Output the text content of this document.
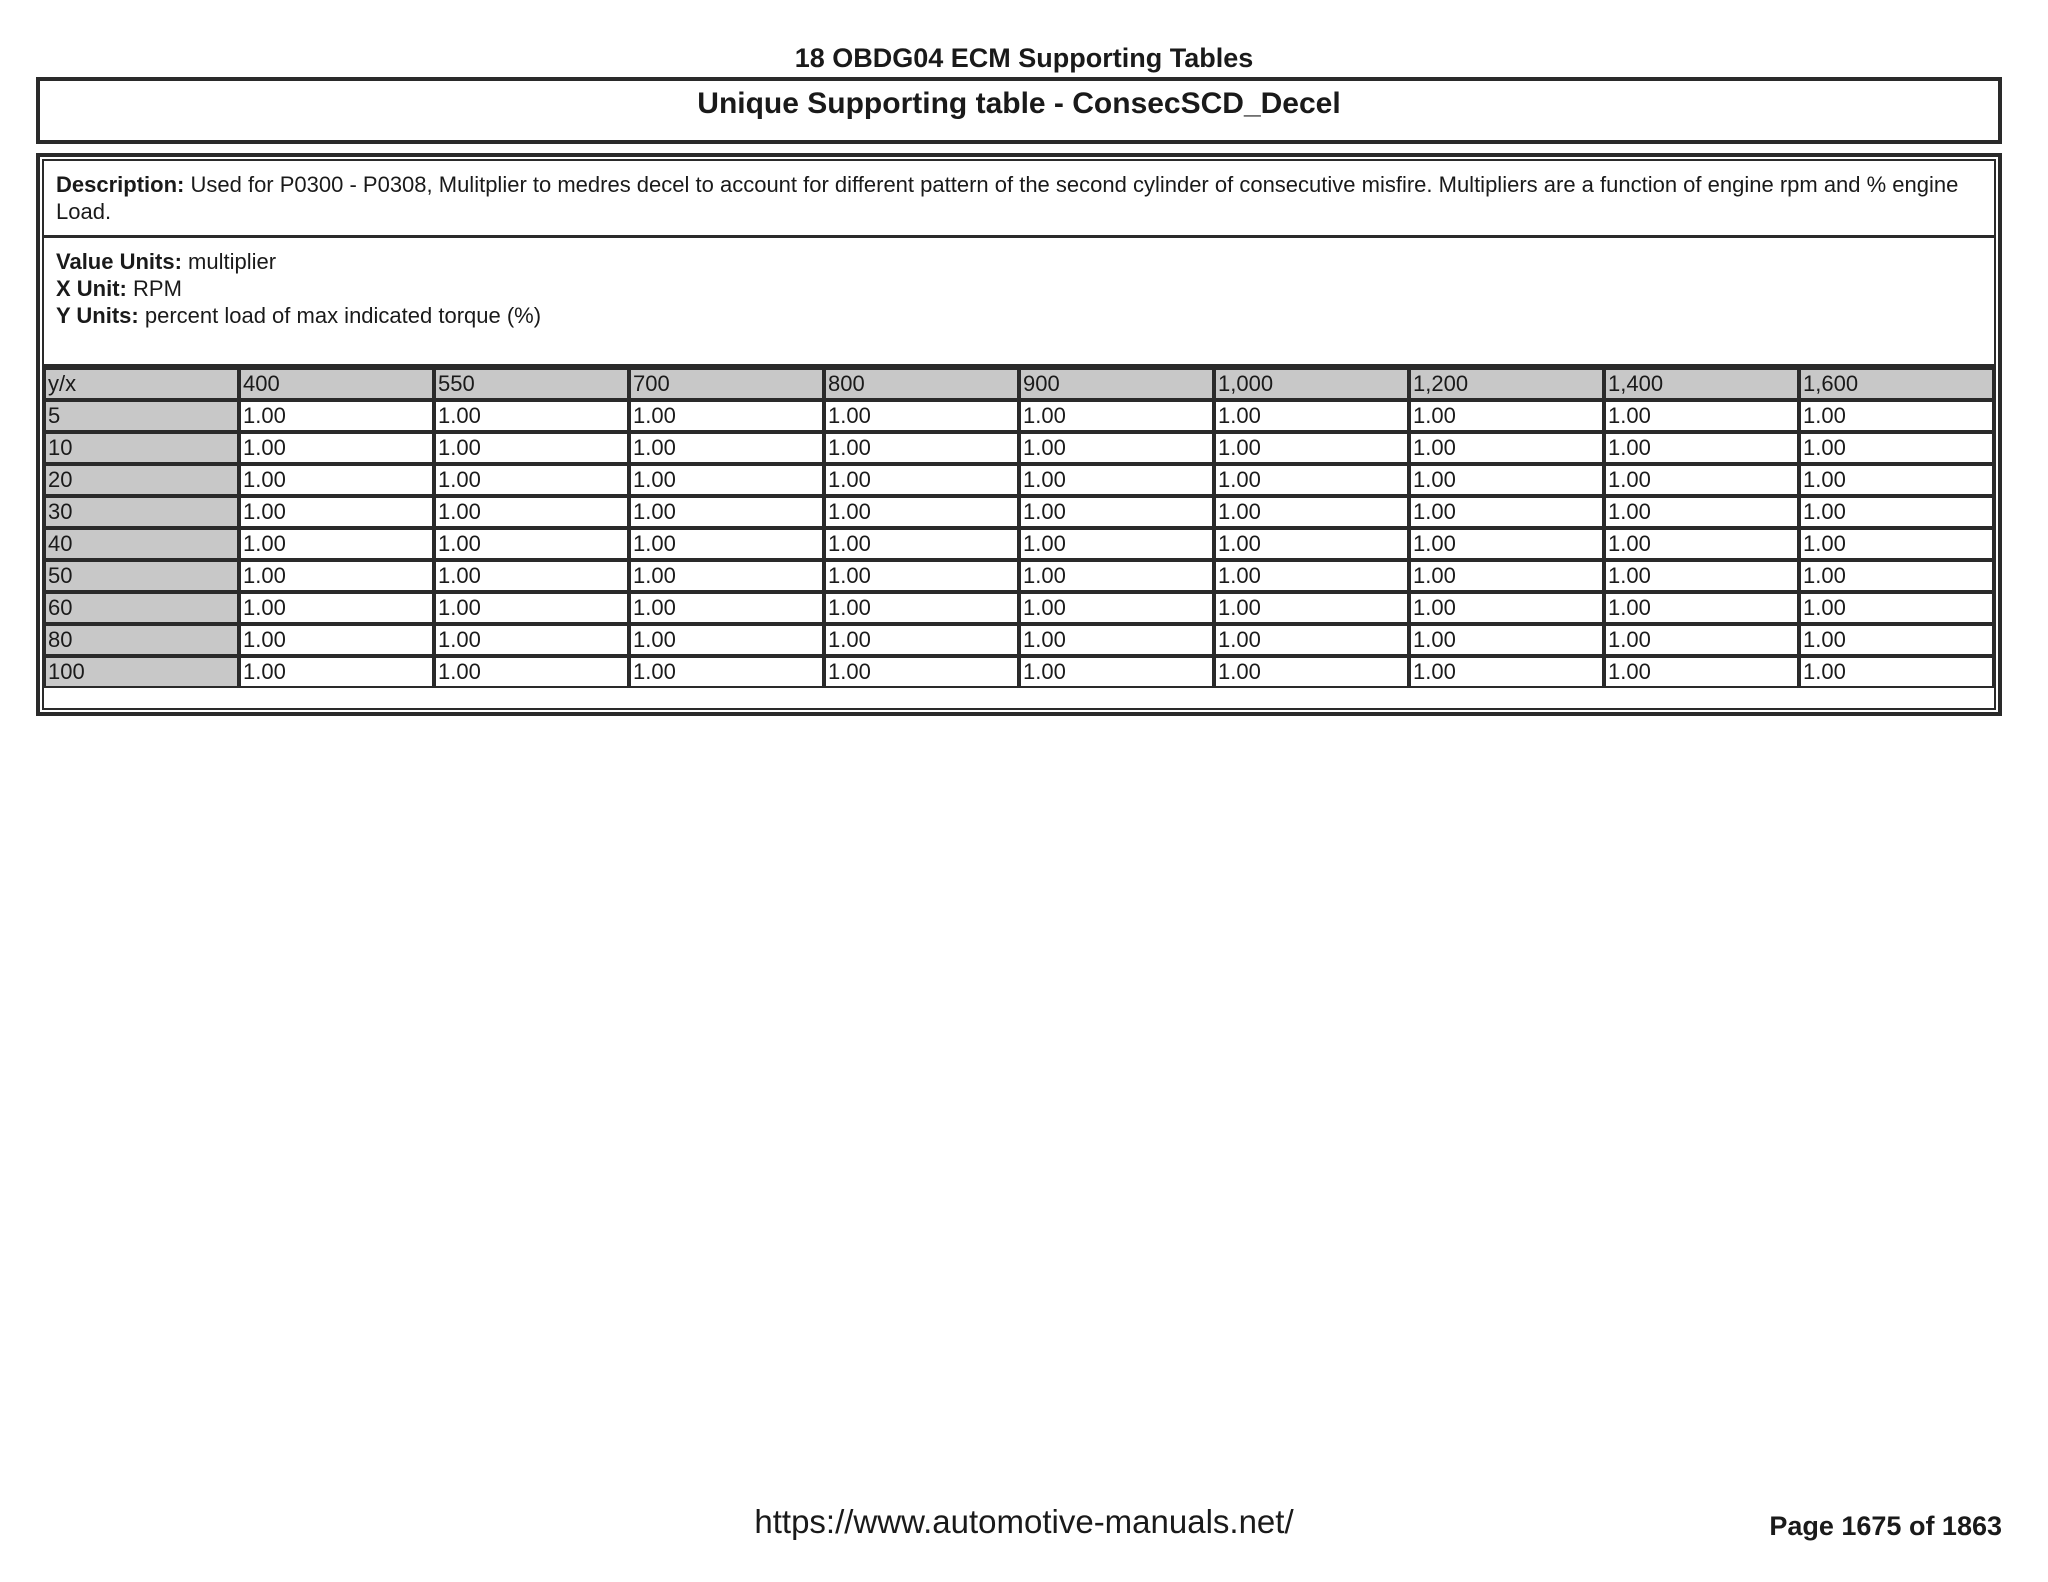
18 OBDG04 ECM Supporting Tables
Unique Supporting table - ConsecSCD_Decel
Description: Used for P0300 - P0308, Mulitplier to medres decel to account for different pattern of the second cylinder of consecutive misfire. Multipliers are a function of engine rpm and % engine Load.
Value Units: multiplier
X Unit: RPM
Y Units: percent load of max indicated torque (%)
y/x	400	550	700	800	900	1,000	1,200	1,400	1,600
5	1.00	1.00	1.00	1.00	1.00	1.00	1.00	1.00	1.00
10	1.00	1.00	1.00	1.00	1.00	1.00	1.00	1.00	1.00
20	1.00	1.00	1.00	1.00	1.00	1.00	1.00	1.00	1.00
30	1.00	1.00	1.00	1.00	1.00	1.00	1.00	1.00	1.00
40	1.00	1.00	1.00	1.00	1.00	1.00	1.00	1.00	1.00
50	1.00	1.00	1.00	1.00	1.00	1.00	1.00	1.00	1.00
60	1.00	1.00	1.00	1.00	1.00	1.00	1.00	1.00	1.00
80	1.00	1.00	1.00	1.00	1.00	1.00	1.00	1.00	1.00
100	1.00	1.00	1.00	1.00	1.00	1.00	1.00	1.00	1.00
https://www.automotive-manuals.net/	Page 1675 of 1863
